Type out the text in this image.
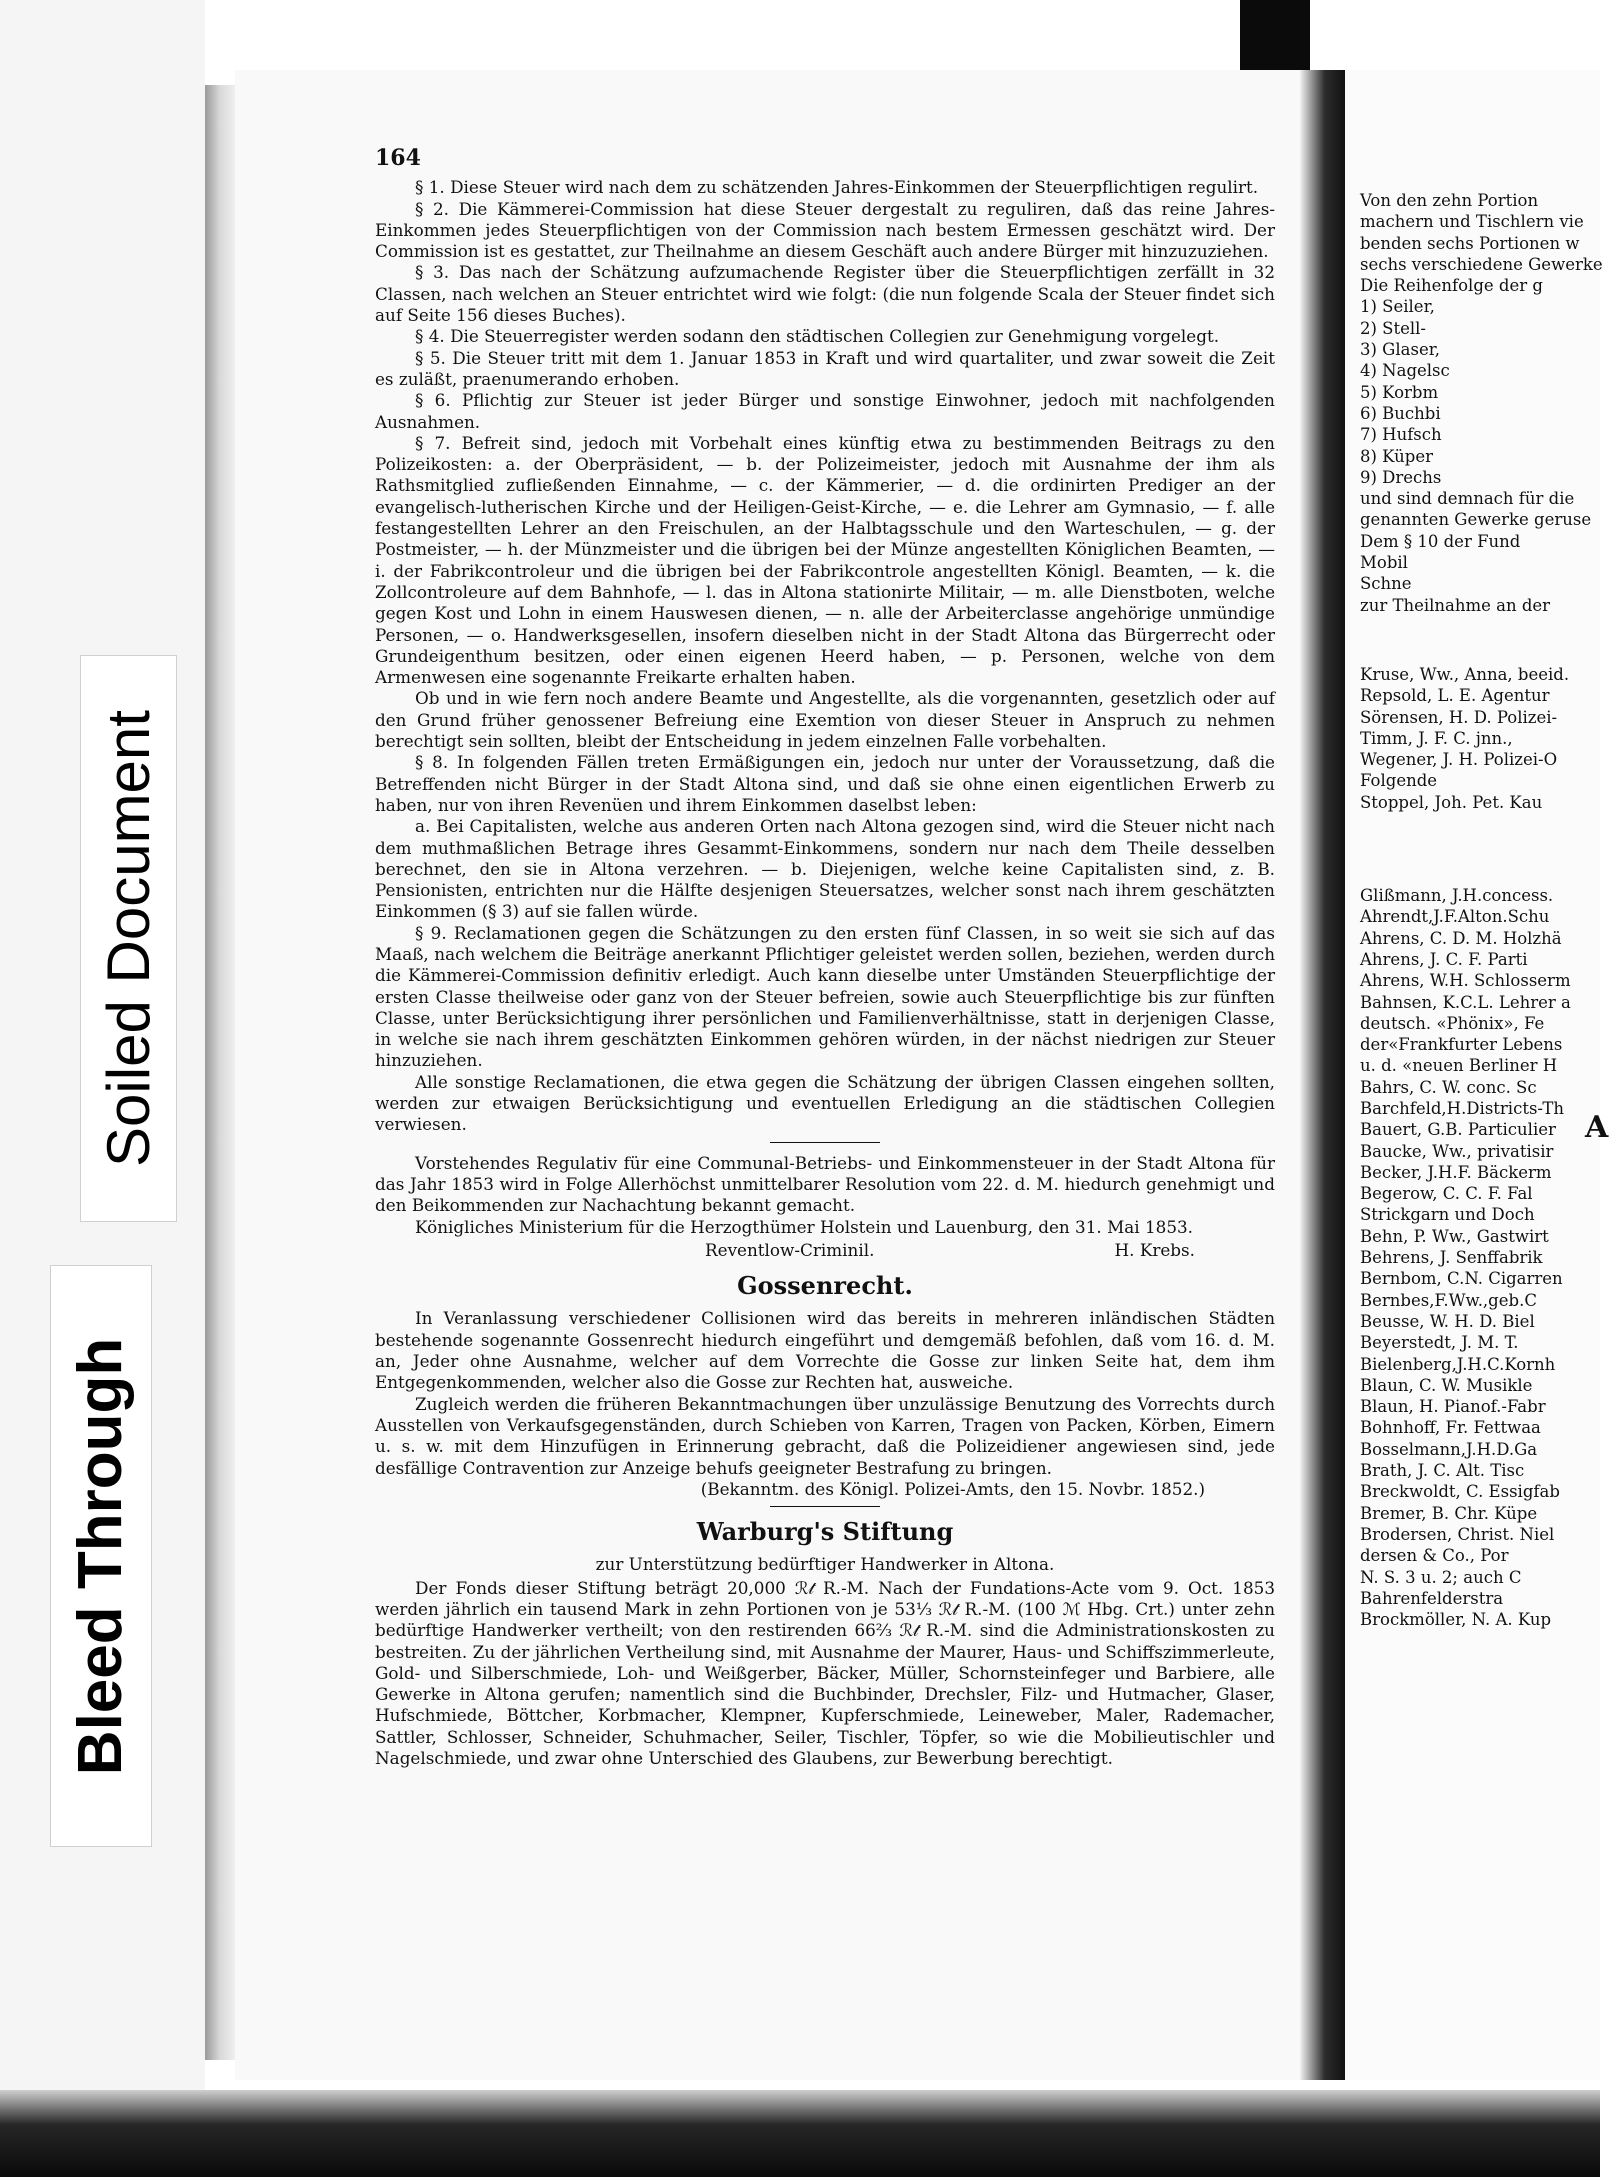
Soiled Document
Bleed Through
164

§ 1. Diese Steuer wird nach dem zu schätzenden Jahres-Einkommen der Steuerpflichtigen regulirt.

§ 2. Die Kämmerei-Commission hat diese Steuer dergestalt zu reguliren, daß das reine Jahres-Einkommen jedes Steuerpflichtigen von der Commission nach bestem Ermessen geschätzt wird. Der Commission ist es gestattet, zur Theilnahme an diesem Geschäft auch andere Bürger mit hinzuzuziehen.

§ 3. Das nach der Schätzung aufzumachende Register über die Steuerpflichtigen zerfällt in 32 Classen, nach welchen an Steuer entrichtet wird wie folgt: (die nun folgende Scala der Steuer findet sich auf Seite 156 dieses Buches).

§ 4. Die Steuerregister werden sodann den städtischen Collegien zur Genehmigung vorgelegt.

§ 5. Die Steuer tritt mit dem 1. Januar 1853 in Kraft und wird quartaliter, und zwar soweit die Zeit es zuläßt, praenumerando erhoben.

§ 6. Pflichtig zur Steuer ist jeder Bürger und sonstige Einwohner, jedoch mit nachfolgenden Ausnahmen.

§ 7. Befreit sind, jedoch mit Vorbehalt eines künftig etwa zu bestimmenden Beitrags zu den Polizeikosten: a. der Oberpräsident, — b. der Polizeimeister, jedoch mit Ausnahme der ihm als Rathsmitglied zufließenden Einnahme, — c. der Kämmerier, — d. die ordinirten Prediger an der evangelisch-lutherischen Kirche und der Heiligen-Geist-Kirche, — e. die Lehrer am Gymnasio, — f. alle festangestellten Lehrer an den Freischulen, an der Halbtagsschule und den Warteschulen, — g. der Postmeister, — h. der Münzmeister und die übrigen bei der Münze angestellten Königlichen Beamten, — i. der Fabrikcontroleur und die übrigen bei der Fabrikcontrole angestellten Königl. Beamten, — k. die Zollcontroleure auf dem Bahnhofe, — l. das in Altona stationirte Militair, — m. alle Dienstboten, welche gegen Kost und Lohn in einem Hauswesen dienen, — n. alle der Arbeiterclasse angehörige unmündige Personen, — o. Handwerksgesellen, insofern dieselben nicht in der Stadt Altona das Bürgerrecht oder Grundeigenthum besitzen, oder einen eigenen Heerd haben, — p. Personen, welche von dem Armenwesen eine sogenannte Freikarte erhalten haben.

Ob und in wie fern noch andere Beamte und Angestellte, als die vorgenannten, gesetzlich oder auf den Grund früher genossener Befreiung eine Exemtion von dieser Steuer in Anspruch zu nehmen berechtigt sein sollten, bleibt der Entscheidung in jedem einzelnen Falle vorbehalten.

§ 8. In folgenden Fällen treten Ermäßigungen ein, jedoch nur unter der Voraussetzung, daß die Betreffenden nicht Bürger in der Stadt Altona sind, und daß sie ohne einen eigentlichen Erwerb zu haben, nur von ihren Revenüen und ihrem Einkommen daselbst leben:

a. Bei Capitalisten, welche aus anderen Orten nach Altona gezogen sind, wird die Steuer nicht nach dem muthmaßlichen Betrage ihres Gesammt-Einkommens, sondern nur nach dem Theile desselben berechnet, den sie in Altona verzehren. — b. Diejenigen, welche keine Capitalisten sind, z. B. Pensionisten, entrichten nur die Hälfte desjenigen Steuersatzes, welcher sonst nach ihrem geschätzten Einkommen (§ 3) auf sie fallen würde.

§ 9. Reclamationen gegen die Schätzungen zu den ersten fünf Classen, in so weit sie sich auf das Maaß, nach welchem die Beiträge anerkannt Pflichtiger geleistet werden sollen, beziehen, werden durch die Kämmerei-Commission definitiv erledigt. Auch kann dieselbe unter Umständen Steuerpflichtige der ersten Classe theilweise oder ganz von der Steuer befreien, sowie auch Steuerpflichtige bis zur fünften Classe, unter Berücksichtigung ihrer persönlichen und Familienverhältnisse, statt in derjenigen Classe, in welche sie nach ihrem geschätzten Einkommen gehören würden, in der nächst niedrigen zur Steuer hinzuziehen.

Alle sonstige Reclamationen, die etwa gegen die Schätzung der übrigen Classen eingehen sollten, werden zur etwaigen Berücksichtigung und eventuellen Erledigung an die städtischen Collegien verwiesen.

Vorstehendes Regulativ für eine Communal-Betriebs- und Einkommensteuer in der Stadt Altona für das Jahr 1853 wird in Folge Allerhöchst unmittelbarer Resolution vom 22. d. M. hiedurch genehmigt und den Beikommenden zur Nachachtung bekannt gemacht.

Königliches Ministerium für die Herzogthümer Holstein und Lauenburg, den 31. Mai 1853.

Reventlow-Criminil.	H. Krebs.
Gossenrecht.

In Veranlassung verschiedener Collisionen wird das bereits in mehreren inländischen Städten bestehende sogenannte Gossenrecht hiedurch eingeführt und demgemäß befohlen, daß vom 16. d. M. an, Jeder ohne Ausnahme, welcher auf dem Vorrechte die Gosse zur linken Seite hat, dem ihm Entgegenkommenden, welcher also die Gosse zur Rechten hat, ausweiche.

Zugleich werden die früheren Bekanntmachungen über unzulässige Benutzung des Vorrechts durch Ausstellen von Verkaufsgegenständen, durch Schieben von Karren, Tragen von Packen, Körben, Eimern u. s. w. mit dem Hinzufügen in Erinnerung gebracht, daß die Polizeidiener angewiesen sind, jede desfällige Contravention zur Anzeige behufs geeigneter Bestrafung zu bringen.

(Bekanntm. des Königl. Polizei-Amts, den 15. Novbr. 1852.)
Warburg's Stiftung

zur Unterstützung bedürftiger Handwerker in Altona.

Der Fonds dieser Stiftung beträgt 20,000 ℛ𝓉 R.-M. Nach der Fundations-Acte vom 9. Oct. 1853 werden jährlich ein tausend Mark in zehn Portionen von je 53⅓ ℛ𝓉 R.-M. (100 ℳ Hbg. Crt.) unter zehn bedürftige Handwerker vertheilt; von den restirenden 66⅔ ℛ𝓉 R.-M. sind die Administrationskosten zu bestreiten. Zu der jährlichen Vertheilung sind, mit Ausnahme der Maurer, Haus- und Schiffszimmerleute, Gold- und Silberschmiede, Loh- und Weißgerber, Bäcker, Müller, Schornsteinfeger und Barbiere, alle Gewerke in Altona gerufen; namentlich sind die Buchbinder, Drechsler, Filz- und Hutmacher, Glaser, Hufschmiede, Böttcher, Korbmacher, Klempner, Kupferschmiede, Leineweber, Maler, Rademacher, Sattler, Schlosser, Schneider, Schuhmacher, Seiler, Tischler, Töpfer, so wie die Mobilieutischler und Nagelschmiede, und zwar ohne Unterschied des Glaubens, zur Bewerbung berechtigt.

Von den zehn Portion

machern und Tischlern vie

benden sechs Portionen w

sechs verschiedene Gewerke

Die Reihenfolge der g

1) Seiler,

2) Stell-

3) Glaser,

4) Nagelsc

5) Korbm

6) Buchbi

7) Hufsch

8) Küper

9) Drechs

und sind demnach für die

genannten Gewerke geruse

Dem § 10 der Fund

Mobil

Schne

zur Theilnahme an der

Kruse, Ww., Anna, beeid.

Repsold, L. E. Agentur

Sörensen, H. D. Polizei-

Timm, J. F. C. jnn.,

Wegener, J. H. Polizei-O

Folgende

Stoppel, Joh. Pet. Kau

Glißmann, J.H.concess.

Ahrendt,J.F.Alton.Schu

Ahrens, C. D. M. Holzhä

Ahrens, J. C. F. Parti

Ahrens, W.H. Schlosserm

Bahnsen, K.C.L. Lehrer a

deutsch. «Phönix», Fe

der«Frankfurter Lebens

u. d. «neuen Berliner H

Bahrs, C. W. conc. Sc

Barchfeld,H.Districts-Th

Bauert, G.B. Particulier

Baucke, Ww., privatisir

Becker, J.H.F. Bäckerm

Begerow, C. C. F. Fal

Strickgarn und Doch

Behn, P. Ww., Gastwirt

Behrens, J. Senffabrik

Bernbom, C.N. Cigarren

Bernbes,F.Ww.,geb.C

Beusse, W. H. D. Biel

Beyerstedt, J. M. T.

Bielenberg,J.H.C.Kornh

Blaun, C. W. Musikle

Blaun, H. Pianof.-Fabr

Bohnhoff, Fr. Fettwaa

Bosselmann,J.H.D.Ga

Brath, J. C. Alt. Tisc

Breckwoldt, C. Essigfab

Bremer, B. Chr. Küpe

Brodersen, Christ. Niel

dersen & Co., Por

N. S. 3 u. 2; auch C

Bahrenfelderstra

Brockmöller, N. A. Kup

A
